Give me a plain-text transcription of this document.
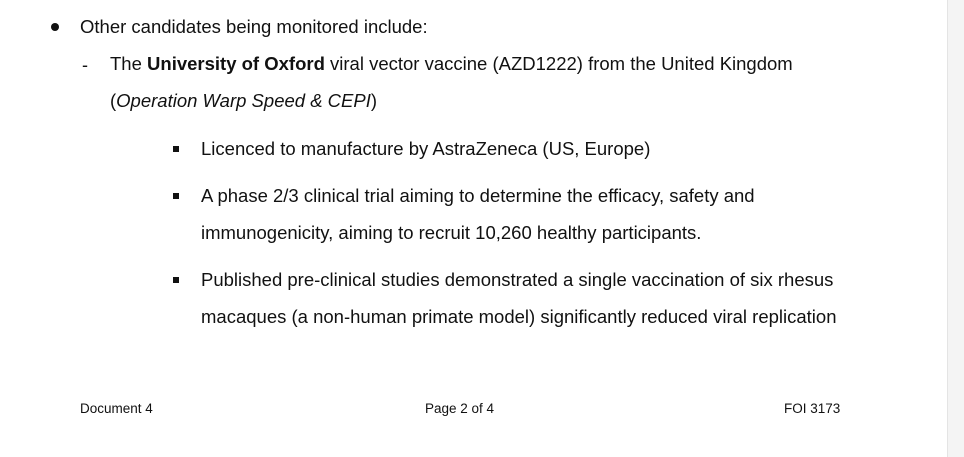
Other candidates being monitored include:
- The University of Oxford viral vector vaccine (AZD1222) from the United Kingdom
(Operation Warp Speed & CEPI)
Licenced to manufacture by AstraZeneca (US, Europe)
A phase 2/3 clinical trial aiming to determine the efficacy, safety and
immunogenicity, aiming to recruit 10,260 healthy participants.
Published pre-clinical studies demonstrated a single vaccination of six rhesus
macaques (a non-human primate model) significantly reduced viral replication
Document 4	Page 2 of 4	FOI 3173
